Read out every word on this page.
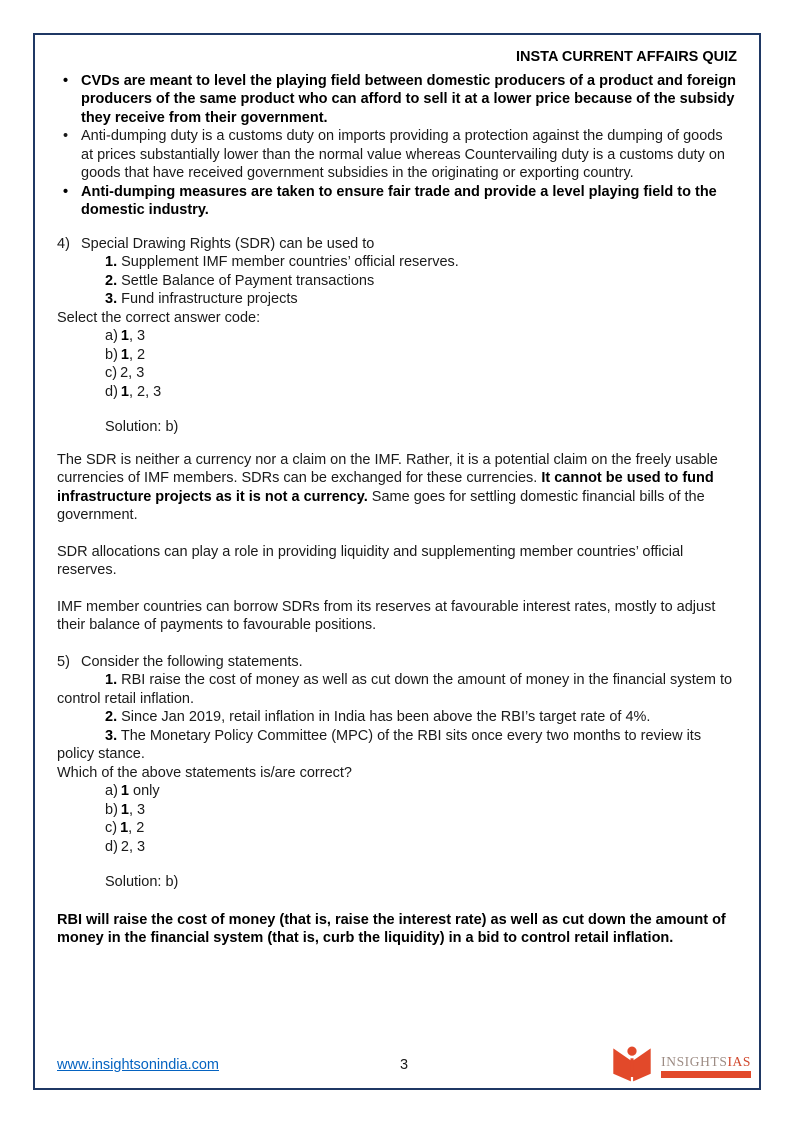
INSTA CURRENT AFFAIRS QUIZ
• CVDs are meant to level the playing field between domestic producers of a product and foreign producers of the same product who can afford to sell it at a lower price because of the subsidy they receive from their government.
• Anti-dumping duty is a customs duty on imports providing a protection against the dumping of goods at prices substantially lower than the normal value whereas Countervailing duty is a customs duty on goods that have received government subsidies in the originating or exporting country.
• Anti-dumping measures are taken to ensure fair trade and provide a level playing field to the domestic industry.
4) Special Drawing Rights (SDR) can be used to

1. Supplement IMF member countries’ official reserves.

2. Settle Balance of Payment transactions

3. Fund infrastructure projects

Select the correct answer code:

a) 1, 3

b) 1, 2

c) 2, 3

d) 1, 2, 3

Solution: b)

The SDR is neither a currency nor a claim on the IMF. Rather, it is a potential claim on the freely usable currencies of IMF members. SDRs can be exchanged for these currencies. It cannot be used to fund infrastructure projects as it is not a currency. Same goes for settling domestic financial bills of the government.

SDR allocations can play a role in providing liquidity and supplementing member countries’ official reserves.

IMF member countries can borrow SDRs from its reserves at favourable interest rates, mostly to adjust their balance of payments to favourable positions.

5) Consider the following statements.

1. RBI raise the cost of money as well as cut down the amount of money in the financial system to control retail inflation.

2. Since Jan 2019, retail inflation in India has been above the RBI’s target rate of 4%.

3. The Monetary Policy Committee (MPC) of the RBI sits once every two months to review its policy stance.

Which of the above statements is/are correct?

a) 1 only

b) 1, 3

c) 1, 2

d) 2, 3

Solution: b)

RBI will raise the cost of money (that is, raise the interest rate) as well as cut down the amount of money in the financial system (that is, curb the liquidity) in a bid to control retail inflation.

www.insightsonindia.com	3	INSIGHTSIAS
